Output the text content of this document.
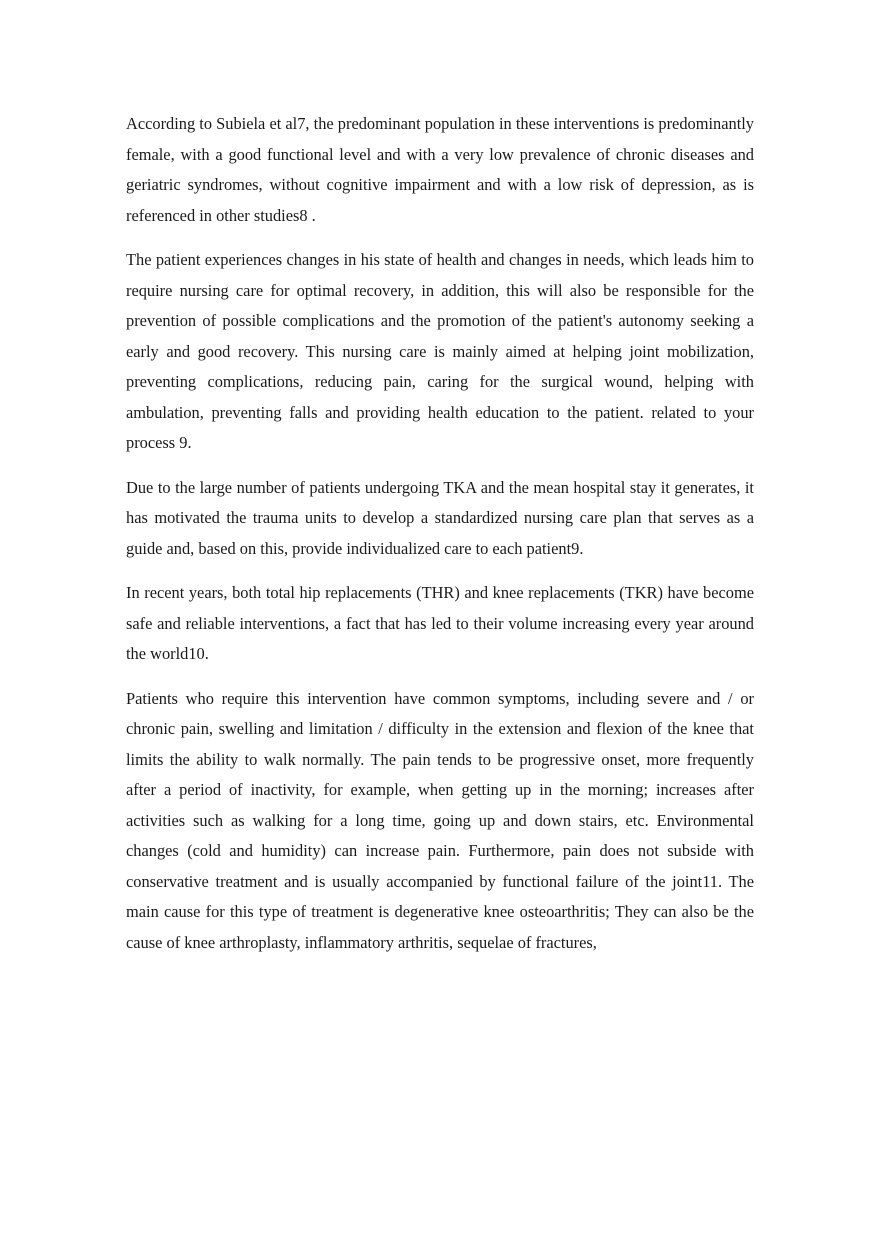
According to Subiela et al7, the predominant population in these interventions is predominantly female, with a good functional level and with a very low prevalence of chronic diseases and geriatric syndromes, without cognitive impairment and with a low risk of depression, as is referenced in other studies8 .

The patient experiences changes in his state of health and changes in needs, which leads him to require nursing care for optimal recovery, in addition, this will also be responsible for the prevention of possible complications and the promotion of the patient's autonomy seeking a early and good recovery. This nursing care is mainly aimed at helping joint mobilization, preventing complications, reducing pain, caring for the surgical wound, helping with ambulation, preventing falls and providing health education to the patient. related to your process 9.

Due to the large number of patients undergoing TKA and the mean hospital stay it generates, it has motivated the trauma units to develop a standardized nursing care plan that serves as a guide and, based on this, provide individualized care to each patient9.

In recent years, both total hip replacements (THR) and knee replacements (TKR) have become safe and reliable interventions, a fact that has led to their volume increasing every year around the world10.

Patients who require this intervention have common symptoms, including severe and / or chronic pain, swelling and limitation / difficulty in the extension and flexion of the knee that limits the ability to walk normally. The pain tends to be progressive onset, more frequently after a period of inactivity, for example, when getting up in the morning; increases after activities such as walking for a long time, going up and down stairs, etc. Environmental changes (cold and humidity) can increase pain. Furthermore, pain does not subside with conservative treatment and is usually accompanied by functional failure of the joint11. The main cause for this type of treatment is degenerative knee osteoarthritis; They can also be the cause of knee arthroplasty, inflammatory arthritis, sequelae of fractures,
